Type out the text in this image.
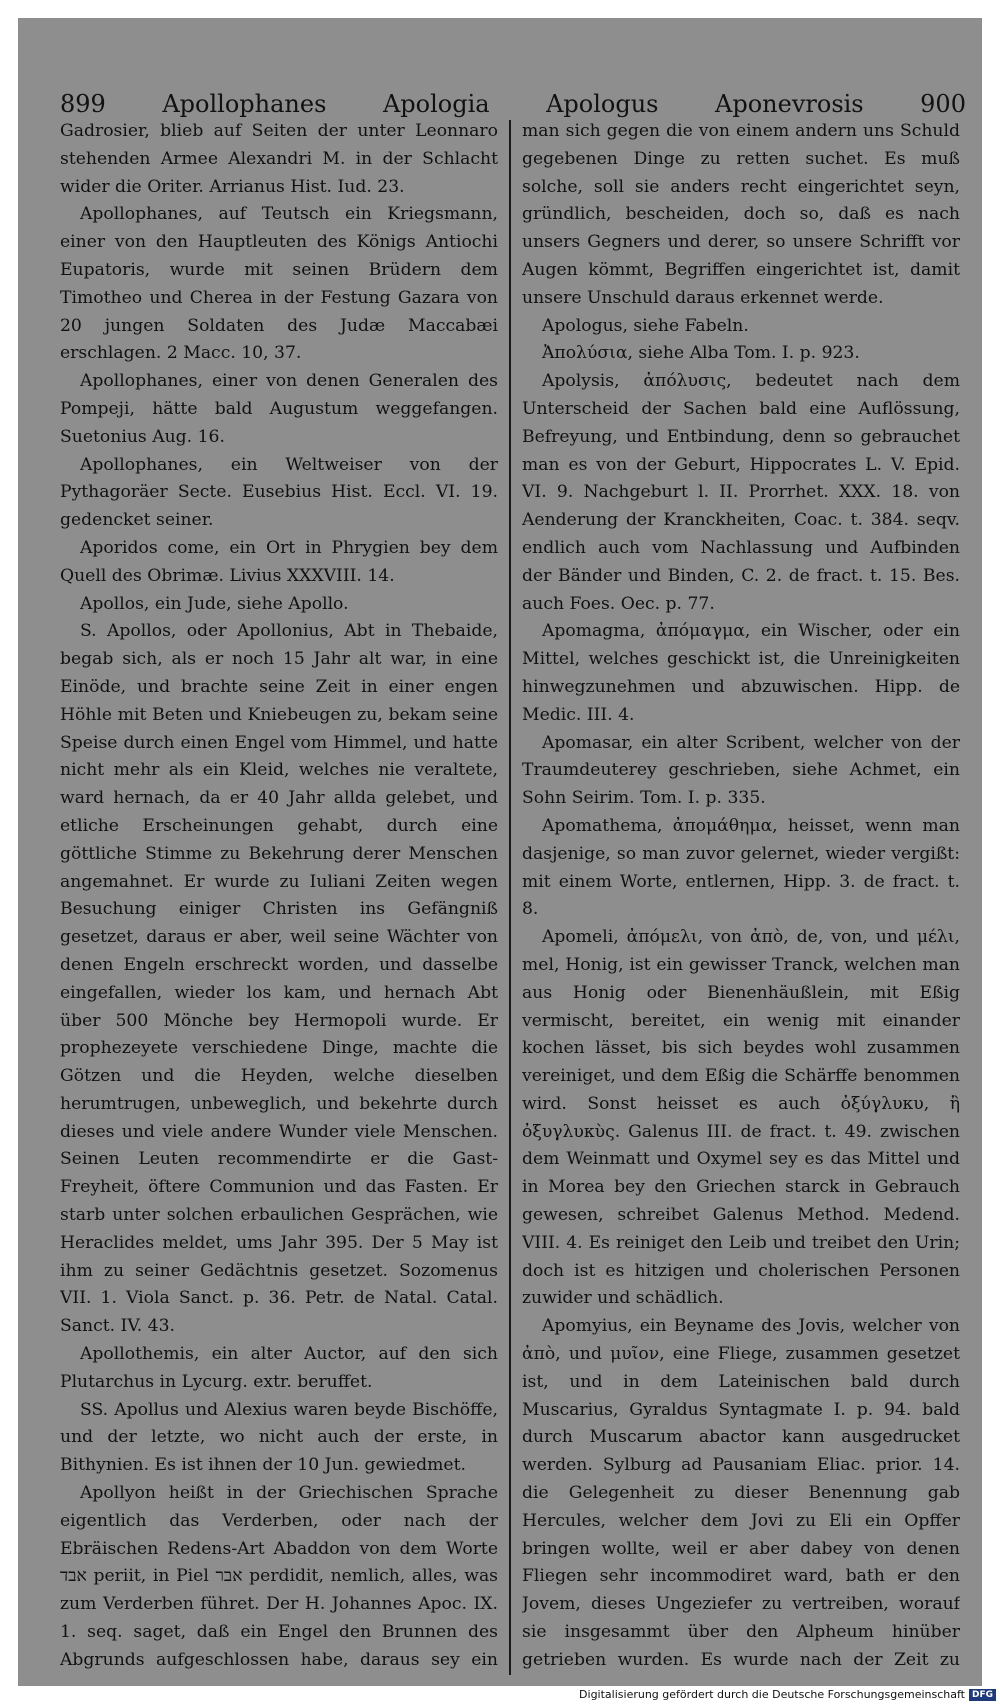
899 Apollophanes Apologia Apologus Aponevrosis 900

Gadrosier, blieb auf Seiten der unter Leonnaro stehenden Armee Alexandri M. in der Schlacht wider die Oriter. Arrianus Hist. Iud. 23.

Apollophanes, auf Teutsch ein Kriegsmann, einer von den Hauptleuten des Königs Antiochi Eupatoris, wurde mit seinen Brüdern dem Timotheo und Cherea in der Festung Gazara von 20 jungen Soldaten des Judæ Maccabæi erschlagen. 2 Macc. 10, 37.

Apollophanes, einer von denen Generalen des Pompeji, hätte bald Augustum weggefangen. Suetonius Aug. 16.

Apollophanes, ein Weltweiser von der Pythagoräer Secte. Eusebius Hist. Eccl. VI. 19. gedencket seiner.

Aporidos come, ein Ort in Phrygien bey dem Quell des Obrimæ. Livius XXXVIII. 14.

Apollos, ein Jude, siehe Apollo.

S. Apollos, oder Apollonius, Abt in Thebaide, begab sich, als er noch 15 Jahr alt war, in eine Einöde, und brachte seine Zeit in einer engen Höhle mit Beten und Kniebeugen zu, bekam seine Speise durch einen Engel vom Himmel, und hatte nicht mehr als ein Kleid, welches nie veraltete, ward hernach, da er 40 Jahr allda gelebet, und etliche Erscheinungen gehabt, durch eine göttliche Stimme zu Bekehrung derer Menschen angemahnet. Er wurde zu Iuliani Zeiten wegen Besuchung einiger Christen ins Gefängniß gesetzet, daraus er aber, weil seine Wächter von denen Engeln erschreckt worden, und dasselbe eingefallen, wieder los kam, und hernach Abt über 500 Mönche bey Hermopoli wurde. Er prophezeyete verschiedene Dinge, machte die Götzen und die Heyden, welche dieselben herumtrugen, unbeweglich, und bekehrte durch dieses und viele andere Wunder viele Menschen. Seinen Leuten recommendirte er die Gast-Freyheit, öftere Communion und das Fasten. Er starb unter solchen erbaulichen Gesprächen, wie Heraclides meldet, ums Jahr 395. Der 5 May ist ihm zu seiner Gedächtnis gesetzet. Sozomenus VII. 1. Viola Sanct. p. 36. Petr. de Natal. Catal. Sanct. IV. 43.

Apollothemis, ein alter Auctor, auf den sich Plutarchus in Lycurg. extr. beruffet.

SS. Apollus und Alexius waren beyde Bischöffe, und der letzte, wo nicht auch der erste, in Bithynien. Es ist ihnen der 10 Jun. gewiedmet.

Apollyon heißt in der Griechischen Sprache eigentlich das Verderben, oder nach der Ebräischen Redens-Art Abaddon von dem Worte אבד periit, in Piel אבר perdidit, nemlich, alles, was zum Verderben führet. Der H. Johannes Apoc. IX. 1. seq. saget, daß ein Engel den Brunnen des Abgrunds aufgeschlossen habe, daraus sey ein

man sich gegen die von einem andern uns Schuld gegebenen Dinge zu retten suchet. Es muß solche, soll sie anders recht eingerichtet seyn, gründlich, bescheiden, doch so, daß es nach unsers Gegners und derer, so unsere Schrifft vor Augen kömmt, Begriffen eingerichtet ist, damit unsere Unschuld daraus erkennet werde.

Apologus, siehe Fabeln.

Ἀπολύσια, siehe Alba Tom. I. p. 923.

Apolysis, ἀπόλυσις, bedeutet nach dem Unterscheid der Sachen bald eine Auflössung, Befreyung, und Entbindung, denn so gebrauchet man es von der Geburt, Hippocrates L. V. Epid. VI. 9. Nachgeburt l. II. Prorrhet. XXX. 18. von Aenderung der Kranckheiten, Coac. t. 384. seqv. endlich auch vom Nachlassung und Aufbinden der Bänder und Binden, C. 2. de fract. t. 15. Bes. auch Foes. Oec. p. 77.

Apomagma, ἀπόμαγμα, ein Wischer, oder ein Mittel, welches geschickt ist, die Unreinigkeiten hinwegzunehmen und abzuwischen. Hipp. de Medic. III. 4.

Apomasar, ein alter Scribent, welcher von der Traumdeuterey geschrieben, siehe Achmet, ein Sohn Seirim. Tom. I. p. 335.

Apomathema, ἀπομάθημα, heisset, wenn man dasjenige, so man zuvor gelernet, wieder vergißt: mit einem Worte, entlernen, Hipp. 3. de fract. t. 8.

Apomeli, ἀπόμελι, von ἀπὸ, de, von, und μέλι, mel, Honig, ist ein gewisser Tranck, welchen man aus Honig oder Bienenhäußlein, mit Eßig vermischt, bereitet, ein wenig mit einander kochen lässet, bis sich beydes wohl zusammen vereiniget, und dem Eßig die Schärffe benommen wird. Sonst heisset es auch ὀξύγλυκυ, ἢ ὀξυγλυκὺς. Galenus III. de fract. t. 49. zwischen dem Weinmatt und Oxymel sey es das Mittel und in Morea bey den Griechen starck in Gebrauch gewesen, schreibet Galenus Method. Medend. VIII. 4. Es reiniget den Leib und treibet den Urin; doch ist es hitzigen und cholerischen Personen zuwider und schädlich.

Apomyius, ein Beyname des Jovis, welcher von ἀπὸ, und μυῖον, eine Fliege, zusammen gesetzet ist, und in dem Lateinischen bald durch Muscarius, Gyraldus Syntagmate I. p. 94. bald durch Muscarum abactor kann ausgedrucket werden. Sylburg ad Pausaniam Eliac. prior. 14. die Gelegenheit zu dieser Benennung gab Hercules, welcher dem Jovi zu Eli ein Opffer bringen wollte, weil er aber dabey von denen Fliegen sehr incommodiret ward, bath er den Jovem, dieses Ungeziefer zu vertreiben, worauf sie insgesammt über den Alpheum hinüber getrieben wurden. Es wurde nach der Zeit zu

Digitalisierung gefördert durch die Deutsche Forschungsgemeinschaft DFG
